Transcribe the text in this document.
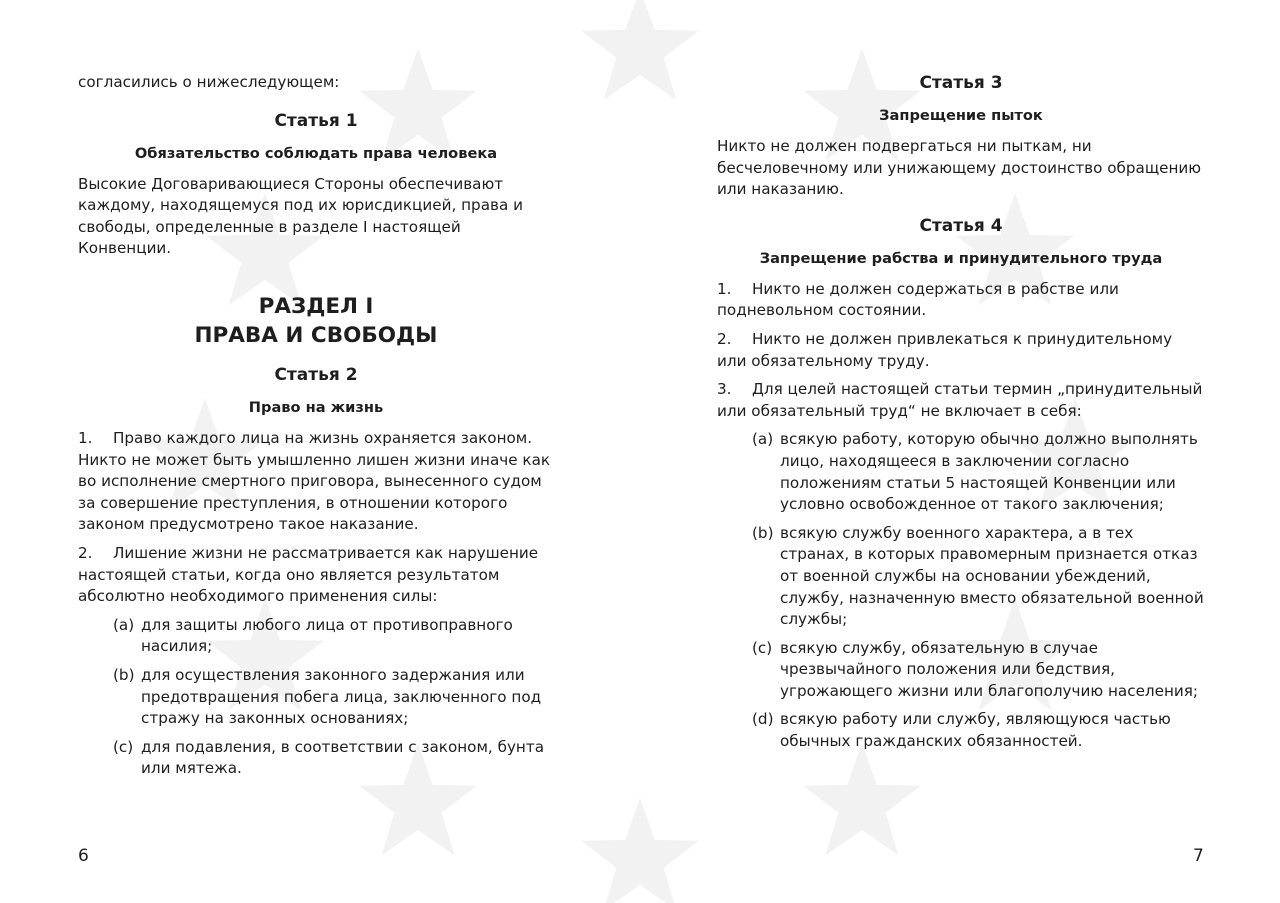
согласились о нижеследующем:

Статья 1
Обязательство соблюдать права человека

Высокие Договаривающиеся Стороны обеспечивают каждому, находящемуся под их юрисдикцией, права и свободы, определенные в разделе I настоящей Конвенции.

РАЗДЕЛ I
ПРАВА И СВОБОДЫ
Статья 2
Право на жизнь
1. Право каждого лица на жизнь охраняется законом. Никто не может быть умышленно лишен жизни иначе как во исполнение смертного приговора, вынесенного судом за совершение преступления, в отношении которого законом предусмотрено такое наказание.
2. Лишение жизни не рассматривается как нарушение настоящей статьи, когда оно является результатом абсолютно необходимого применения силы:
(a) для защиты любого лица от противоправного насилия;
(b) для осуществления законного задержания или предотвращения побега лица, заключенного под стражу на законных основаниях;
(c) для подавления, в соответствии с законом, бунта или мятежа.
Статья 3
Запрещение пыток

Никто не должен подвергаться ни пыткам, ни бесчеловечному или унижающему достоинство обращению или наказанию.

Статья 4
Запрещение рабства и принудительного труда
1. Никто не должен содержаться в рабстве или подневольном состоянии.
2. Никто не должен привлекаться к принудительному или обязательному труду.
3. Для целей настоящей статьи термин „принудительный или обязательный труд“ не включает в себя:
(a) всякую работу, которую обычно должно выполнять лицо, находящееся в заключении согласно положениям статьи 5 настоящей Конвенции или условно освобожденное от такого заключения;
(b) всякую службу военного характера, а в тех странах, в которых правомерным признается отказ от военной службы на основании убеждений, службу, назначенную вместо обязательной военной службы;
(c) всякую службу, обязательную в случае чрезвычайного положения или бедствия, угрожающего жизни или благополучию населения;
(d) всякую работу или службу, являющуюся частью обычных гражданских обязанностей.
6	7
